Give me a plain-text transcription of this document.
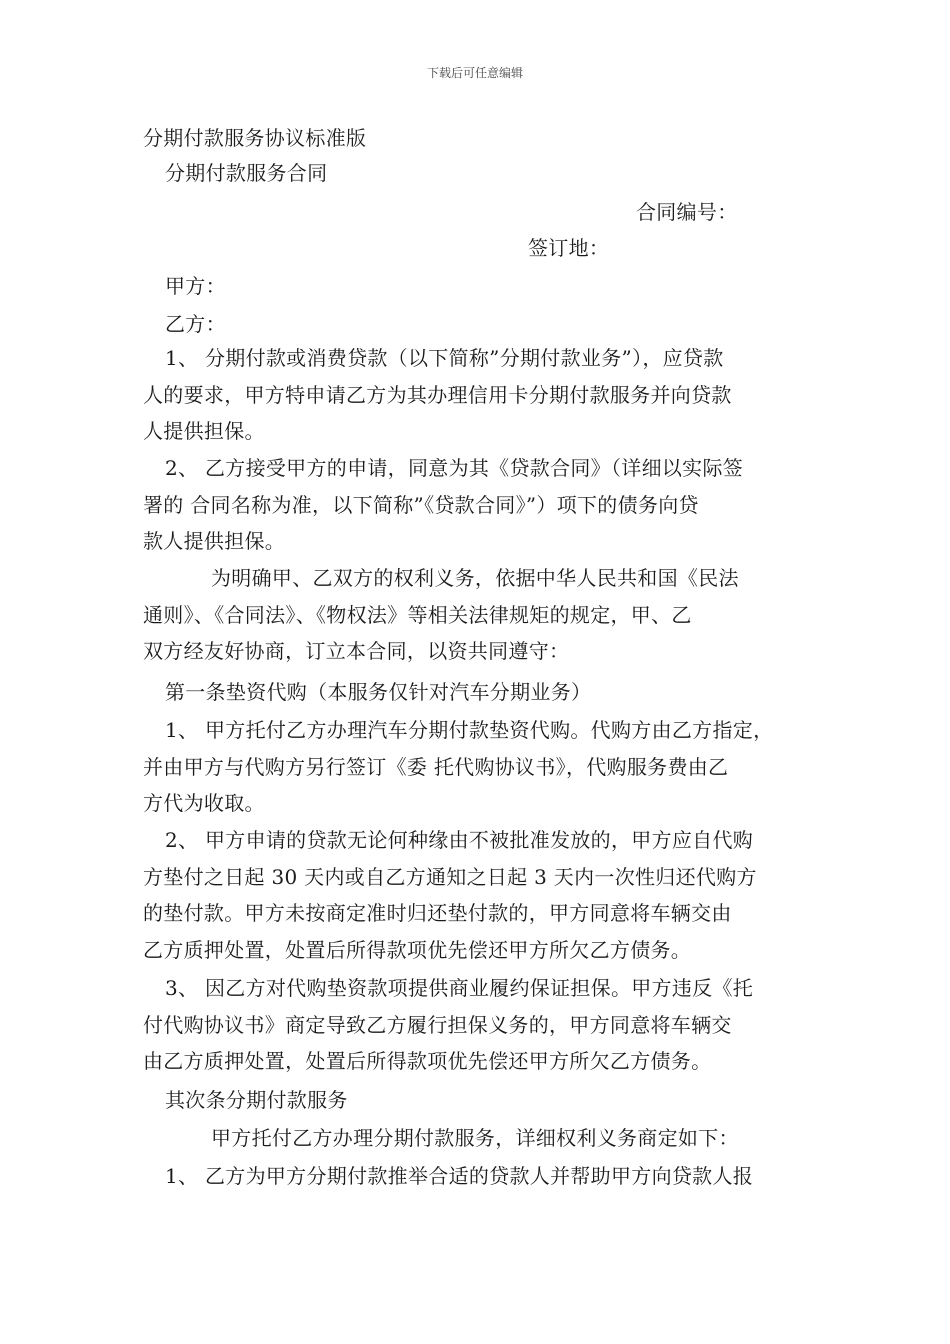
下载后可任意编辑
分期付款服务协议标准版
分期付款服务合同
合同编号：
签订地：
甲方：
乙方：
1、 分期付款或消费贷款（以下简称”分期付款业务”），应贷款
人的要求，甲方特申请乙方为其办理信用卡分期付款服务并向贷款
人提供担保。
2、 乙方接受甲方的申请，同意为其《贷款合同》（详细以实际签
署的 合同名称为准，以下简称”《贷款合同》”）项下的债务向贷
款人提供担保。
为明确甲、乙双方的权利义务，依据中华人民共和国《民法
通则》、《合同法》、《物权法》等相关法律规矩的规定，甲、乙
双方经友好协商，订立本合同，以资共同遵守：
第一条垫资代购（本服务仅针对汽车分期业务）
1、 甲方托付乙方办理汽车分期付款垫资代购。代购方由乙方指定，
并由甲方与代购方另行签订《委 托代购协议书》，代购服务费由乙
方代为收取。
2、 甲方申请的贷款无论何种缘由不被批准发放的，甲方应自代购
方垫付之日起 30 天内或自乙方通知之日起 3 天内一次性归还代购方
的垫付款。甲方未按商定准时归还垫付款的，甲方同意将车辆交由
乙方质押处置，处置后所得款项优先偿还甲方所欠乙方债务。
3、 因乙方对代购垫资款项提供商业履约保证担保。甲方违反《托
付代购协议书》商定导致乙方履行担保义务的，甲方同意将车辆交
由乙方质押处置，处置后所得款项优先偿还甲方所欠乙方债务。
其次条分期付款服务
甲方托付乙方办理分期付款服务，详细权利义务商定如下：
1、 乙方为甲方分期付款推举合适的贷款人并帮助甲方向贷款人报
